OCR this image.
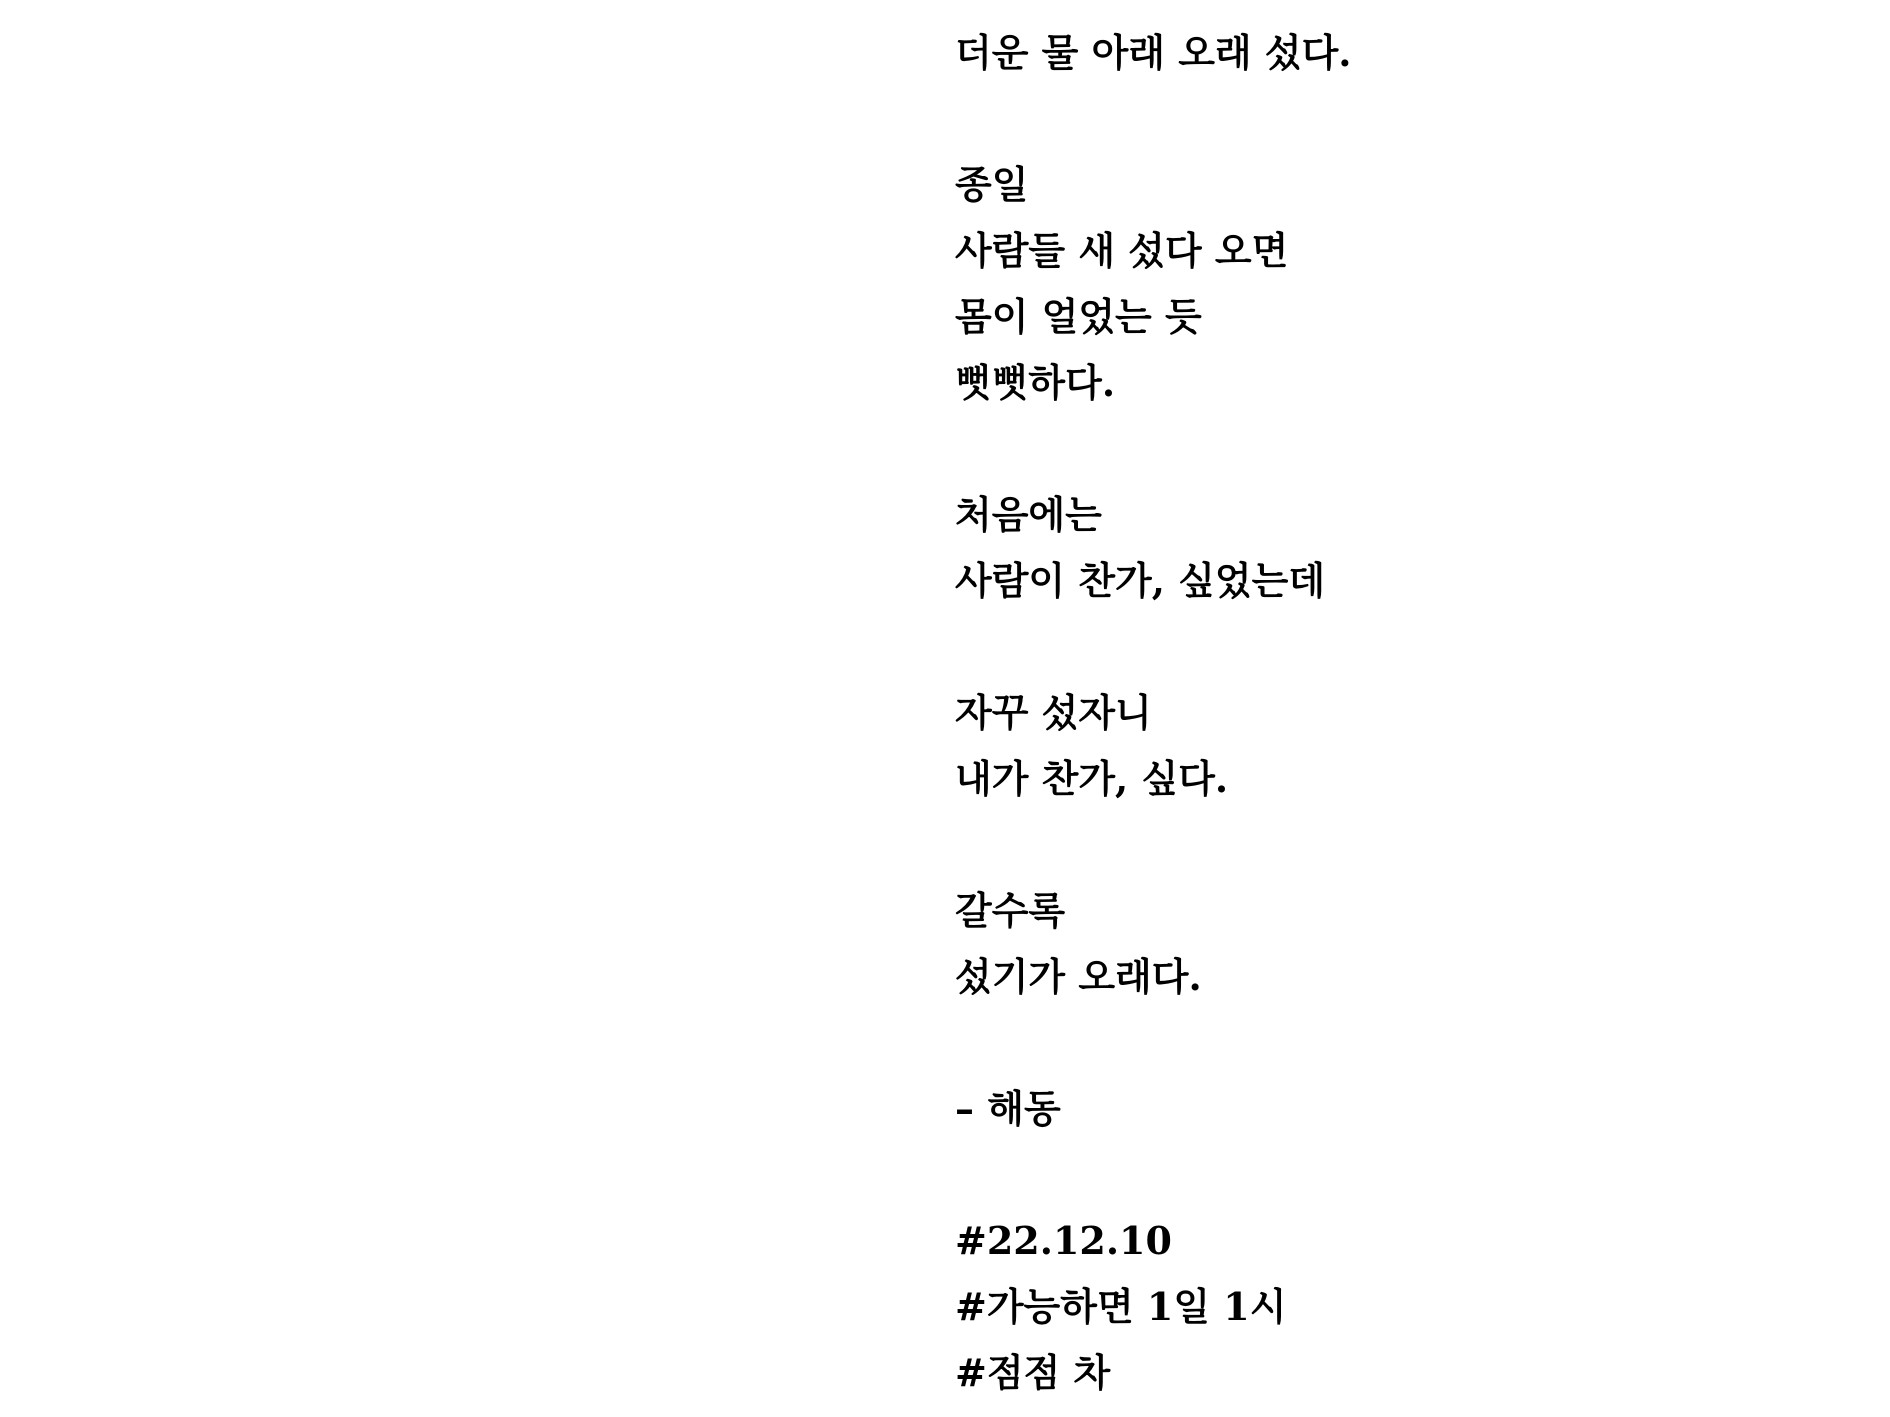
더운 물 아래 오래 섰다.
종일
사람들 새 섰다 오면
몸이 얼었는 듯
뻣뻣하다.
처음에는
사람이 찬가, 싶었는데
자꾸 섰자니
내가 찬가, 싶다.
갈수록
섰기가 오래다.
– 해동
#22.12.10
#가능하면 1일 1시
#점점 차
